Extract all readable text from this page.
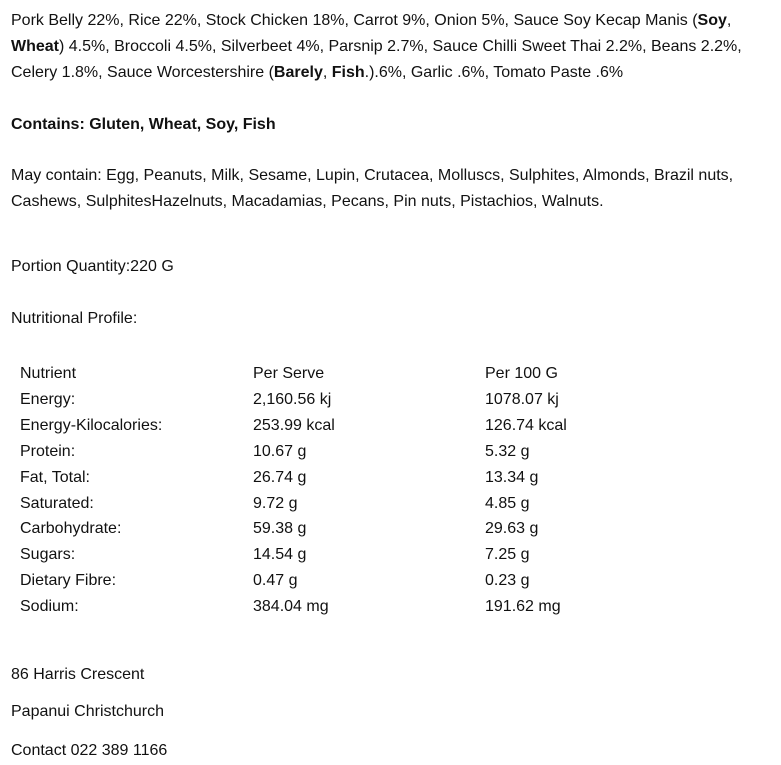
Pork Belly 22%, Rice 22%, Stock Chicken 18%, Carrot 9%, Onion 5%, Sauce Soy Kecap Manis (Soy, Wheat) 4.5%, Broccoli 4.5%, Silverbeet 4%, Parsnip 2.7%, Sauce Chilli Sweet Thai 2.2%, Beans 2.2%, Celery 1.8%, Sauce Worcestershire (Barely, Fish.).6%, Garlic .6%, Tomato Paste .6%
Contains: Gluten, Wheat, Soy, Fish
May contain: Egg, Peanuts, Milk, Sesame, Lupin, Crutacea, Molluscs, Sulphites, Almonds, Brazil nuts, Cashews, SulphitesHazelnuts, Macadamias, Pecans, Pin nuts, Pistachios, Walnuts.
Portion Quantity:220 G
Nutritional Profile:
Nutrient	Per Serve	Per 100 G
Energy:	2,160.56 kj	1078.07 kj
Energy-Kilocalories:	253.99 kcal	126.74 kcal
Protein:	10.67 g	5.32 g
Fat, Total:	26.74 g	13.34 g
Saturated:	9.72 g	4.85 g
Carbohydrate:	59.38 g	29.63 g
Sugars:	14.54 g	7.25 g
Dietary Fibre:	0.47 g	0.23 g
Sodium:	384.04 mg	191.62 mg
86 Harris Crescent
Papanui Christchurch
Contact 022 389 1166
